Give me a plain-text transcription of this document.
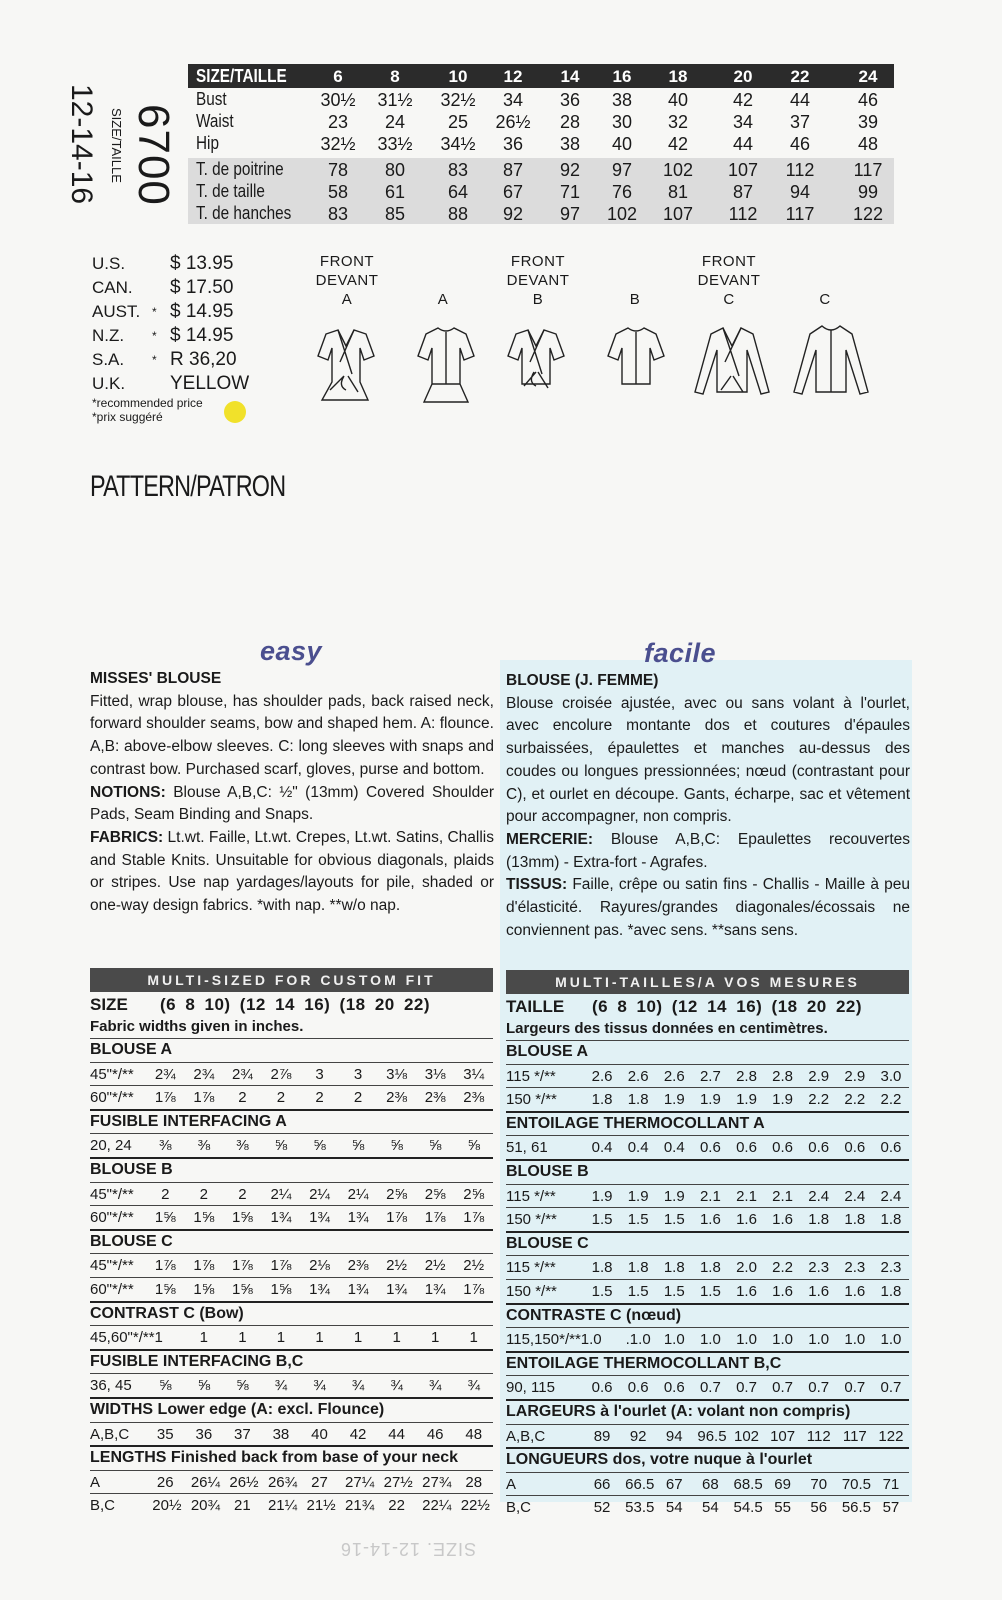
12-14-16 SIZE/TAILLE 6700
SIZE/TAILLE	6	8	10	12	14	16	18	20	22	24
Bust	30½ 31½ 32½	34	36	38	40	42	44	46
Waist	23	24	25	26½	28	30	32	34	37	39
Hip	32½ 33½ 34½	36	38	40	42	44	46	48
T. de poitrine	78	80	83	87	92	97	102 107	112	117
T. de taille	58	61	64	67	71	76	81	87	94	99
T. de hanches	83	85	88	92	97	102 107	112	117	122
U.S.	$ 13.95
CAN.	$ 17.50
AUST. * $ 14.95
N.Z.	* $ 14.95
S.A.	* R 36,20
U.K.	YELLOW
*recommended price
*prix suggéré
PATTERN/PATRON
FRONT
DEVANT
A	A
FRONT
DEVANT
B	B
FRONT
DEVANT
C	C
easy	facile

MISSES' BLOUSE

Fitted, wrap blouse, has shoulder pads, back raised neck, forward shoulder seams, bow and shaped hem. A: flounce. A,B: above-elbow sleeves. C: long sleeves with snaps and contrast bow. Purchased scarf, gloves, purse and bottom.

NOTIONS: Blouse A,B,C: ½" (13mm) Covered Shoulder Pads, Seam Binding and Snaps.

FABRICS: Lt.wt. Faille, Lt.wt. Crepes, Lt.wt. Satins, Challis and Stable Knits. Unsuitable for obvious diagonals, plaids or stripes. Use nap yardages/layouts for pile, shaded or one-way design fabrics. *with nap. **w/o nap.

BLOUSE (J. FEMME)

Blouse croisée ajustée, avec ou sans volant à l'ourlet, avec encolure montante dos et coutures d'épaules surbaissées, épaulettes et manches au-dessus des coudes ou longues pressionnées; nœud (contrastant pour C), et ourlet en découpe. Gants, écharpe, sac et vêtement pour accompagner, non compris.

MERCERIE: Blouse A,B,C: Epaulettes recouvertes (13mm) - Extra-fort - Agrafes.

TISSUS: Faille, crêpe ou satin fins - Challis - Maille à peu d'élasticité. Rayures/grandes diagonales/écossais ne conviennent pas. *avec sens. **sans sens.

MULTI-SIZED FOR CUSTOM FIT
SIZE (6 8 10) (12 14 16) (18 20 22)
Fabric widths given in inches.
BLOUSE A
45"*/** 2¾ 2¾ 2¾ 2⅞	3	3	3⅛ 3⅛ 3¼
60"*/** 1⅞ 1⅞	2	2	2	2	2⅜ 2⅜ 2⅜
FUSIBLE INTERFACING A
20, 24	⅜	⅜	⅜	⅝	⅝	⅝	⅝	⅝	⅝
BLOUSE B
45"*/**	2	2	2	2¼ 2¼ 2¼ 2⅝ 2⅝ 2⅝
60"*/** 1⅝ 1⅝ 1⅝ 1¾ 1¾ 1¾ 1⅞ 1⅞ 1⅞
BLOUSE C
45"*/** 1⅞ 1⅞ 1⅞ 1⅞ 2⅛ 2⅜ 2½ 2½ 2½
60"*/** 1⅝ 1⅝ 1⅝ 1⅝ 1¾ 1¾ 1¾ 1¾ 1⅞
CONTRAST C (Bow)
45,60"*/**1	1	1	1	1	1	1	1	1
FUSIBLE INTERFACING B,C
36, 45	⅝	⅝	⅝	¾	¾	¾	¾	¾	¾
WIDTHS Lower edge (A: excl. Flounce)
A,B,C	35	36	37	38	40	42	44	46	48
LENGTHS Finished back from base of your neck
A	26	26¼ 26½ 26¾ 27	27¼ 27½ 27¾ 28
B,C 20½ 20¾ 21	21¼ 21½ 21¾ 22	22¼ 22½
MULTI-TAILLES/A VOS MESURES
TAILLE (6 8 10) (12 14 16) (18 20 22)
Largeurs des tissus données en centimètres.
BLOUSE A
115 */** 2.6 2.6 2.6 2.7 2.8 2.8 2.9 2.9 3.0
150 */** 1.8 1.8 1.9 1.9 1.9 1.9 2.2 2.2 2.2
ENTOILAGE THERMOCOLLANT A
51, 61	0.4 0.4 0.4 0.6 0.6 0.6 0.6 0.6 0.6
BLOUSE B
115 */** 1.9 1.9 1.9 2.1 2.1 2.1 2.4 2.4 2.4
150 */** 1.5 1.5 1.5 1.6 1.6 1.6 1.8 1.8 1.8
BLOUSE C
115 */** 1.8 1.8 1.8 1.8 2.0 2.2 2.3 2.3 2.3
150 */** 1.5 1.5 1.5 1.5 1.6 1.6 1.6 1.6 1.8
CONTRASTE C (nœud)
115,150*/**1.0 .1.0 1.0 1.0 1.0 1.0 1.0 1.0 1.0
ENTOILAGE THERMOCOLLANT B,C
90, 115 0.6 0.6 0.6 0.7 0.7 0.7 0.7 0.7 0.7
LARGEURS à l'ourlet (A: volant non compris)
A,B,C	89	92	94 96.5 102 107 112 117 122
LONGUEURS dos, votre nuque à l'ourlet
A	66 66.5 67	68 68.5 69	70 70.5 71
B,C	52 53.5 54	54 54.5 55	56 56.5 57
SIZE. 12-14-16
